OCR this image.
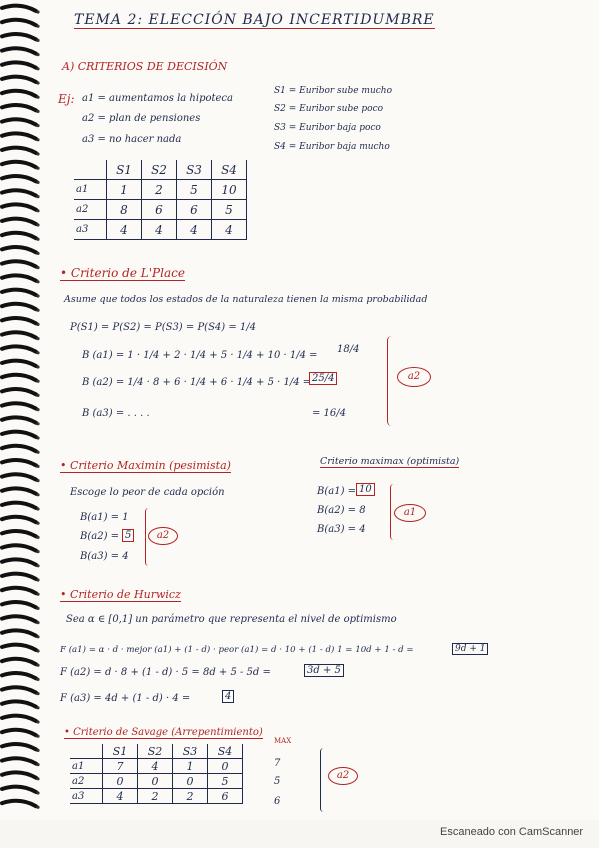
TEMA 2: ELECCIÓN BAJO INCERTIDUMBRE
A) CRITERIOS DE DECISIÓN
Ej: a1 = aumentamos la hipoteca
a2 = plan de pensiones
a3 = no hacer nada
S1 = Euribor sube mucho
S2 = Euribor sube poco
S3 = Euribor baja poco
S4 = Euribor baja mucho
	S1	S2	S3	S4
a1	1	2	5	10
a2	8	6	6	5
a3	4	4	4	4
• Criterio de L'Place
Asume que todos los estados de la naturaleza tienen la misma probabilidad
P(S1) = P(S2) = P(S3) = P(S4) = 1/4
B (a1) = 1 · 1/4 + 2 · 1/4 + 5 · 1/4 + 10 · 1/4 =
18/4
B (a2) = 1/4 · 8 + 6 · 1/4 + 6 · 1/4 + 5 · 1/4 = 25/4
B (a3) = . . . .	= 16/4
a2
• Criterio Maximin (pesimista)
Escoge lo peor de cada opción
B(a1) = 1
B(a2) = 5
B(a3) = 4
a2
Criterio maximax (optimista)
B(a1) = 10
B(a2) = 8
B(a3) = 4
a1
• Criterio de Hurwicz
Sea α ∈ [0,1] un parámetro que representa el nivel de optimismo
F (a1) = α · d · mejor (a1) + (1 - d) · peor (a1) = d · 10 + (1 - d) 1 = 10d + 1 - d =	9d + 1
F (a2) = d · 8 + (1 - d) · 5 = 8d + 5 - 5d =	3d + 5
F (a3) = 4d + (1 - d) · 4 =	4
• Criterio de Savage (Arrepentimiento)
	S1	S2	S3	S4
a1	7	4	1	0
a2	0	0	0	5
a3	4	2	2	6
MAX
7
5
6
a2
Escaneado con CamScanner
